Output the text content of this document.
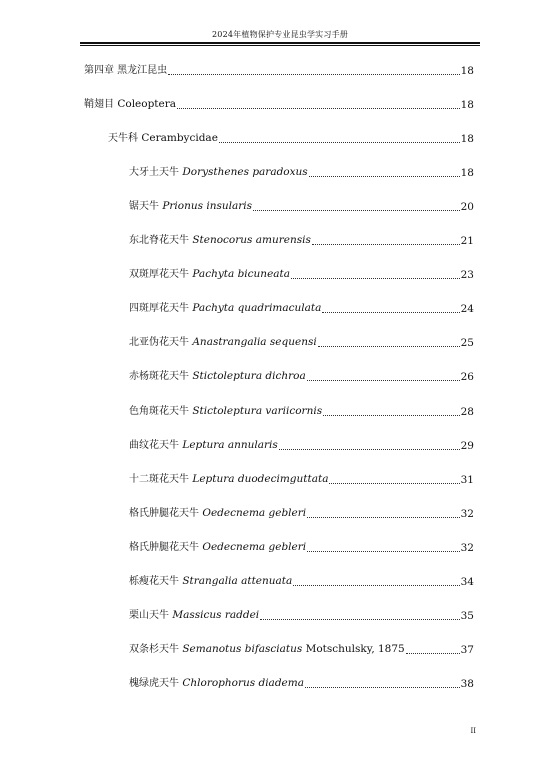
2024年植物保护专业昆虫学实习手册
第四章 黑龙江昆虫	18
鞘翅目 Coleoptera	18
天牛科 Cerambycidae	18
大牙土天牛 Dorysthenes paradoxus	18
锯天牛 Prionus insularis	20
东北脊花天牛 Stenocorus amurensis	21
双斑厚花天牛 Pachyta bicuneata	23
四斑厚花天牛 Pachyta quadrimaculata	24
北亚伪花天牛 Anastrangalia sequensi	25
赤杨斑花天牛 Stictoleptura dichroa	26
色角斑花天牛 Stictoleptura variicornis	28
曲纹花天牛 Leptura annularis	29
十二斑花天牛 Leptura duodecimguttata	31
格氏肿腿花天牛 Oedecnema gebleri	32
格氏肿腿花天牛 Oedecnema gebleri	32
栎瘦花天牛 Strangalia attenuata	34
栗山天牛 Massicus raddei	35
双条杉天牛 Semanotus bifasciatus Motschulsky, 1875	37
槐绿虎天牛 Chlorophorus diadema	38
II
